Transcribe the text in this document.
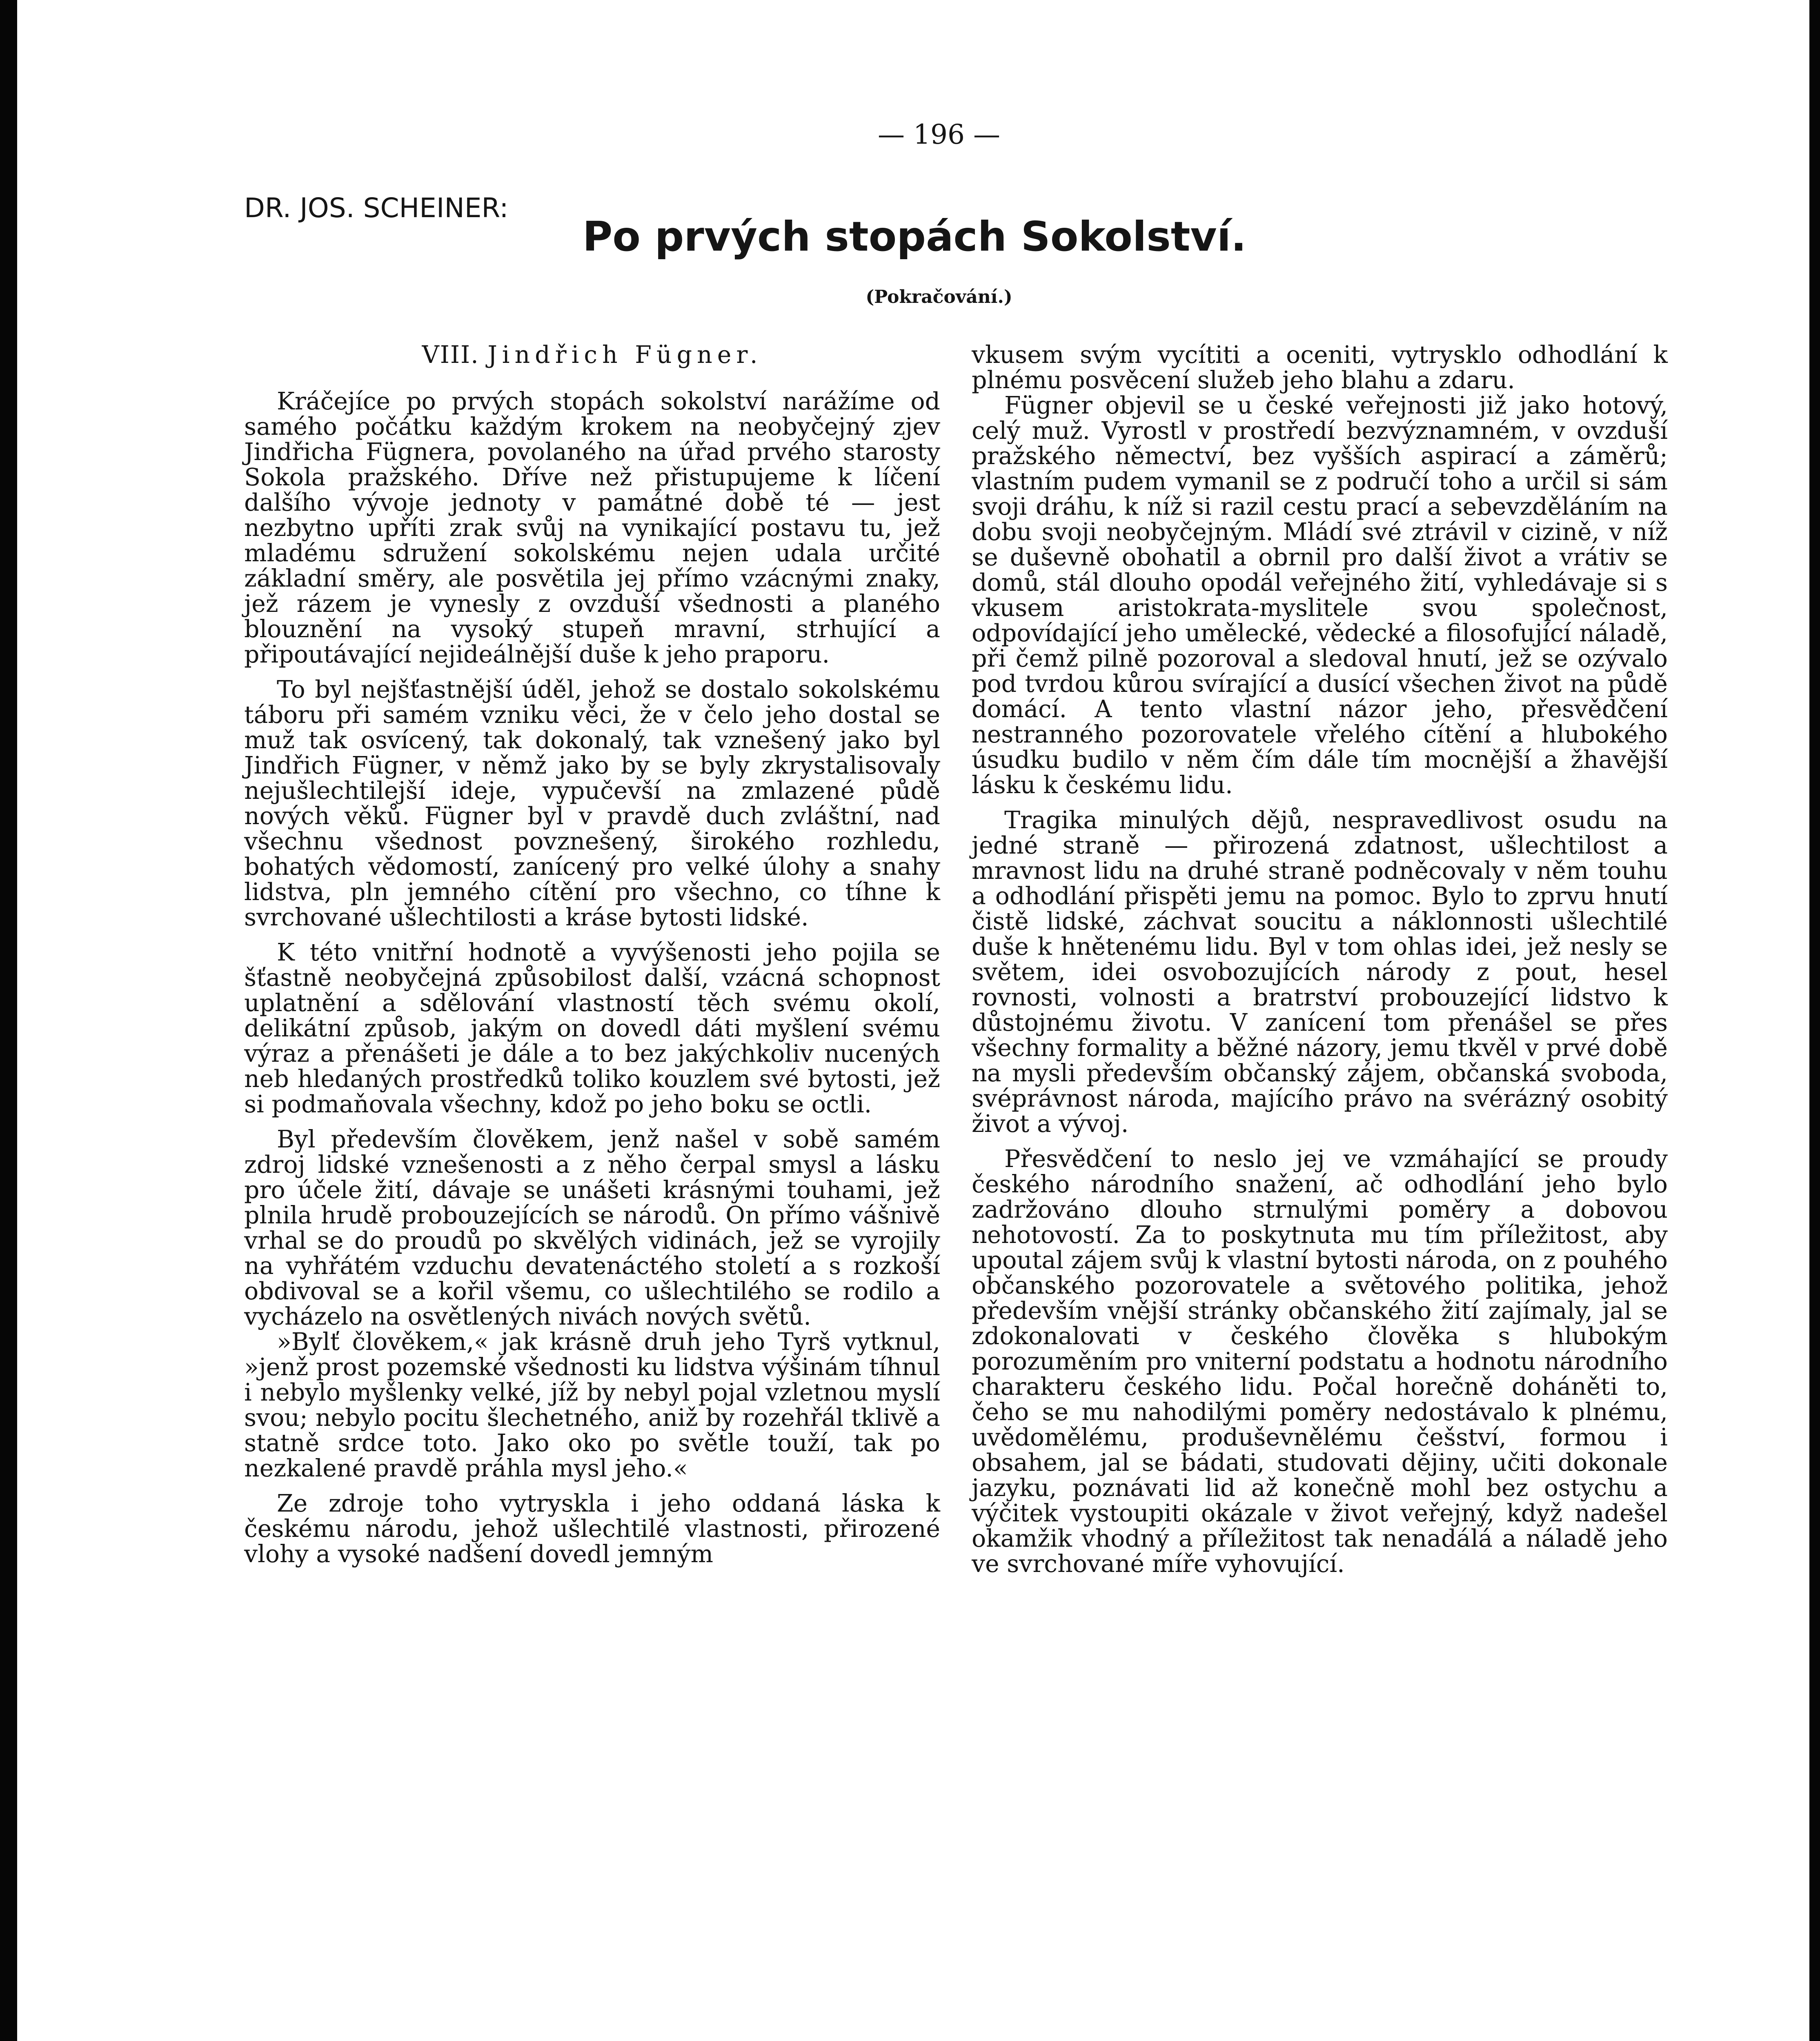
— 196 —
DR. JOS. SCHEINER:
Po prvých stopách Sokolství.
(Pokračování.)
VIII. Jindřich Fügner.

Kráčejíce po prvých stopách sokolství narážíme od samého počátku každým krokem na neobyčejný zjev Jindřicha Fügnera, povolaného na úřad prvého starosty Sokola pražského. Dříve než přistupujeme k líčení dalšího vývoje jednoty v památné době té — jest nezbytno upříti zrak svůj na vynikající postavu tu, jež mladému sdružení sokolskému nejen udala určité základní směry, ale posvětila jej přímo vzácnými znaky, jež rázem je vynesly z ovzduší všednosti a planého blouznění na vysoký stupeň mravní, strhující a připoutávající nejideálnější duše k jeho praporu.

To byl nejšťastnější úděl, jehož se dostalo sokolskému táboru při samém vzniku věci, že v čelo jeho dostal se muž tak osvícený, tak dokonalý, tak vznešený jako byl Jindřich Fügner, v němž jako by se byly zkrystalisovaly nejušlechtilejší ideje, vypučevší na zmlazené půdě nových věků. Fügner byl v pravdě duch zvláštní, nad všechnu všednost povznešený, širokého rozhledu, bohatých vědomostí, zanícený pro velké úlohy a snahy lidstva, pln jemného cítění pro všechno, co tíhne k svrchované ušlechtilosti a kráse bytosti lidské.

K této vnitřní hodnotě a vyvýšenosti jeho pojila se šťastně neobyčejná způsobilost další, vzácná schopnost uplatnění a sdělování vlastností těch svému okolí, delikátní způsob, jakým on dovedl dáti myšlení svému výraz a přenášeti je dále a to bez jakýchkoliv nucených neb hledaných prostředků toliko kouzlem své bytosti, jež si podmaňovala všechny, kdož po jeho boku se octli.

Byl především člověkem, jenž našel v sobě samém zdroj lidské vznešenosti a z něho čerpal smysl a lásku pro účele žití, dávaje se unášeti krásnými touhami, jež plnila hrudě probouzejících se národů. On přímo vášnivě vrhal se do proudů po skvělých vidinách, jež se vyrojily na vyhřátém vzduchu devatenáctého století a s rozkoší obdivoval se a kořil všemu, co ušlechtilého se rodilo a vycházelo na osvětlených nivách nových světů.

»Bylť člověkem,« jak krásně druh jeho Tyrš vytknul, »jenž prost pozemské všednosti ku lidstva výšinám tíhnul i nebylo myšlenky velké, jíž by nebyl pojal vzletnou myslí svou; nebylo pocitu šlechetného, aniž by rozehřál tklivě a statně srdce toto. Jako oko po světle touží, tak po nezkalené pravdě práhla mysl jeho.«

Ze zdroje toho vytryskla i jeho oddaná láska k českému národu, jehož ušlechtilé vlastnosti, přirozené vlohy a vysoké nadšení dovedl jemným

vkusem svým vycítiti a oceniti, vytrysklo odhodlání k plnému posvěcení služeb jeho blahu a zdaru.

Fügner objevil se u české veřejnosti již jako hotový, celý muž. Vyrostl v prostředí bezvýznamném, v ovzduší pražského němectví, bez vyšších aspirací a záměrů; vlastním pudem vymanil se z područí toho a určil si sám svoji dráhu, k níž si razil cestu prací a sebevzděláním na dobu svoji neobyčejným. Mládí své ztrávil v cizině, v níž se duševně obohatil a obrnil pro další život a vrátiv se domů, stál dlouho opodál veřejného žití, vyhledávaje si s vkusem aristokrata-myslitele svou společnost, odpovídající jeho umělecké, vědecké a filosofující náladě, při čemž pilně pozoroval a sledoval hnutí, jež se ozývalo pod tvrdou kůrou svírající a dusící všechen život na půdě domácí. A tento vlastní názor jeho, přesvědčení nestranného pozorovatele vřelého cítění a hlubokého úsudku budilo v něm čím dále tím mocnější a žhavější lásku k českému lidu.

Tragika minulých dějů, nespravedlivost osudu na jedné straně — přirozená zdatnost, ušlechtilost a mravnost lidu na druhé straně podněcovaly v něm touhu a odhodlání přispěti jemu na pomoc. Bylo to zprvu hnutí čistě lidské, záchvat soucitu a náklonnosti ušlechtilé duše k hnětenému lidu. Byl v tom ohlas idei, jež nesly se světem, idei osvobozujících národy z pout, hesel rovnosti, volnosti a bratrství probouzející lidstvo k důstojnému životu. V zanícení tom přenášel se přes všechny formality a běžné názory, jemu tkvěl v prvé době na mysli především občanský zájem, občanská svoboda, svéprávnost národa, majícího právo na svérázný osobitý život a vývoj.

Přesvědčení to neslo jej ve vzmáhající se proudy českého národního snažení, ač odhodlání jeho bylo zadržováno dlouho strnulými poměry a dobovou nehotovostí. Za to poskytnuta mu tím příležitost, aby upoutal zájem svůj k vlastní bytosti národa, on z pouhého občanského pozorovatele a světového politika, jehož především vnější stránky občanského žití zajímaly, jal se zdokonalovati v českého člověka s hlubokým porozuměním pro vniterní podstatu a hodnotu národního charakteru českého lidu. Počal horečně doháněti to, čeho se mu nahodilými poměry nedostávalo k plnému, uvědomělému, produševnělému češství, formou i obsahem, jal se bádati, studovati dějiny, učiti dokonale jazyku, poznávati lid až konečně mohl bez ostychu a výčitek vystoupiti okázale v život veřejný, když nadešel okamžik vhodný a příležitost tak nenadálá a náladě jeho ve svrchované míře vyhovující.
